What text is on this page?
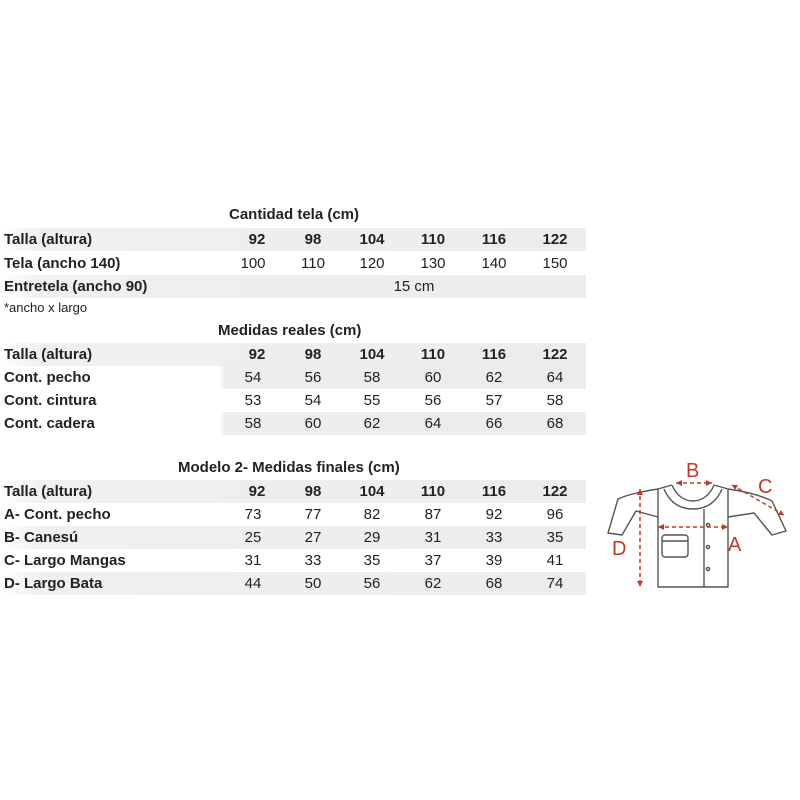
Cantidad tela (cm)
Talla (altura)	92	98	104	110	116	122
Tela (ancho 140)	100	110	120	130	140	150
Entretela (ancho 90)	15 cm
*ancho x largo
Medidas reales (cm)
Talla (altura)	92	98	104	110	116	122
Cont. pecho	54	56	58	60	62	64
Cont. cintura	53	54	55	56	57	58
Cont. cadera	58	60	62	64	66	68
Modelo 2- Medidas finales (cm)
Talla (altura)	92	98	104	110	116	122
A- Cont. pecho	73	77	82	87	92	96
B- Canesú	25	27	29	31	33	35
C- Largo Mangas	31	33	35	37	39	41
D- Largo Bata	44	50	56	62	68	74
B
C
A
D
